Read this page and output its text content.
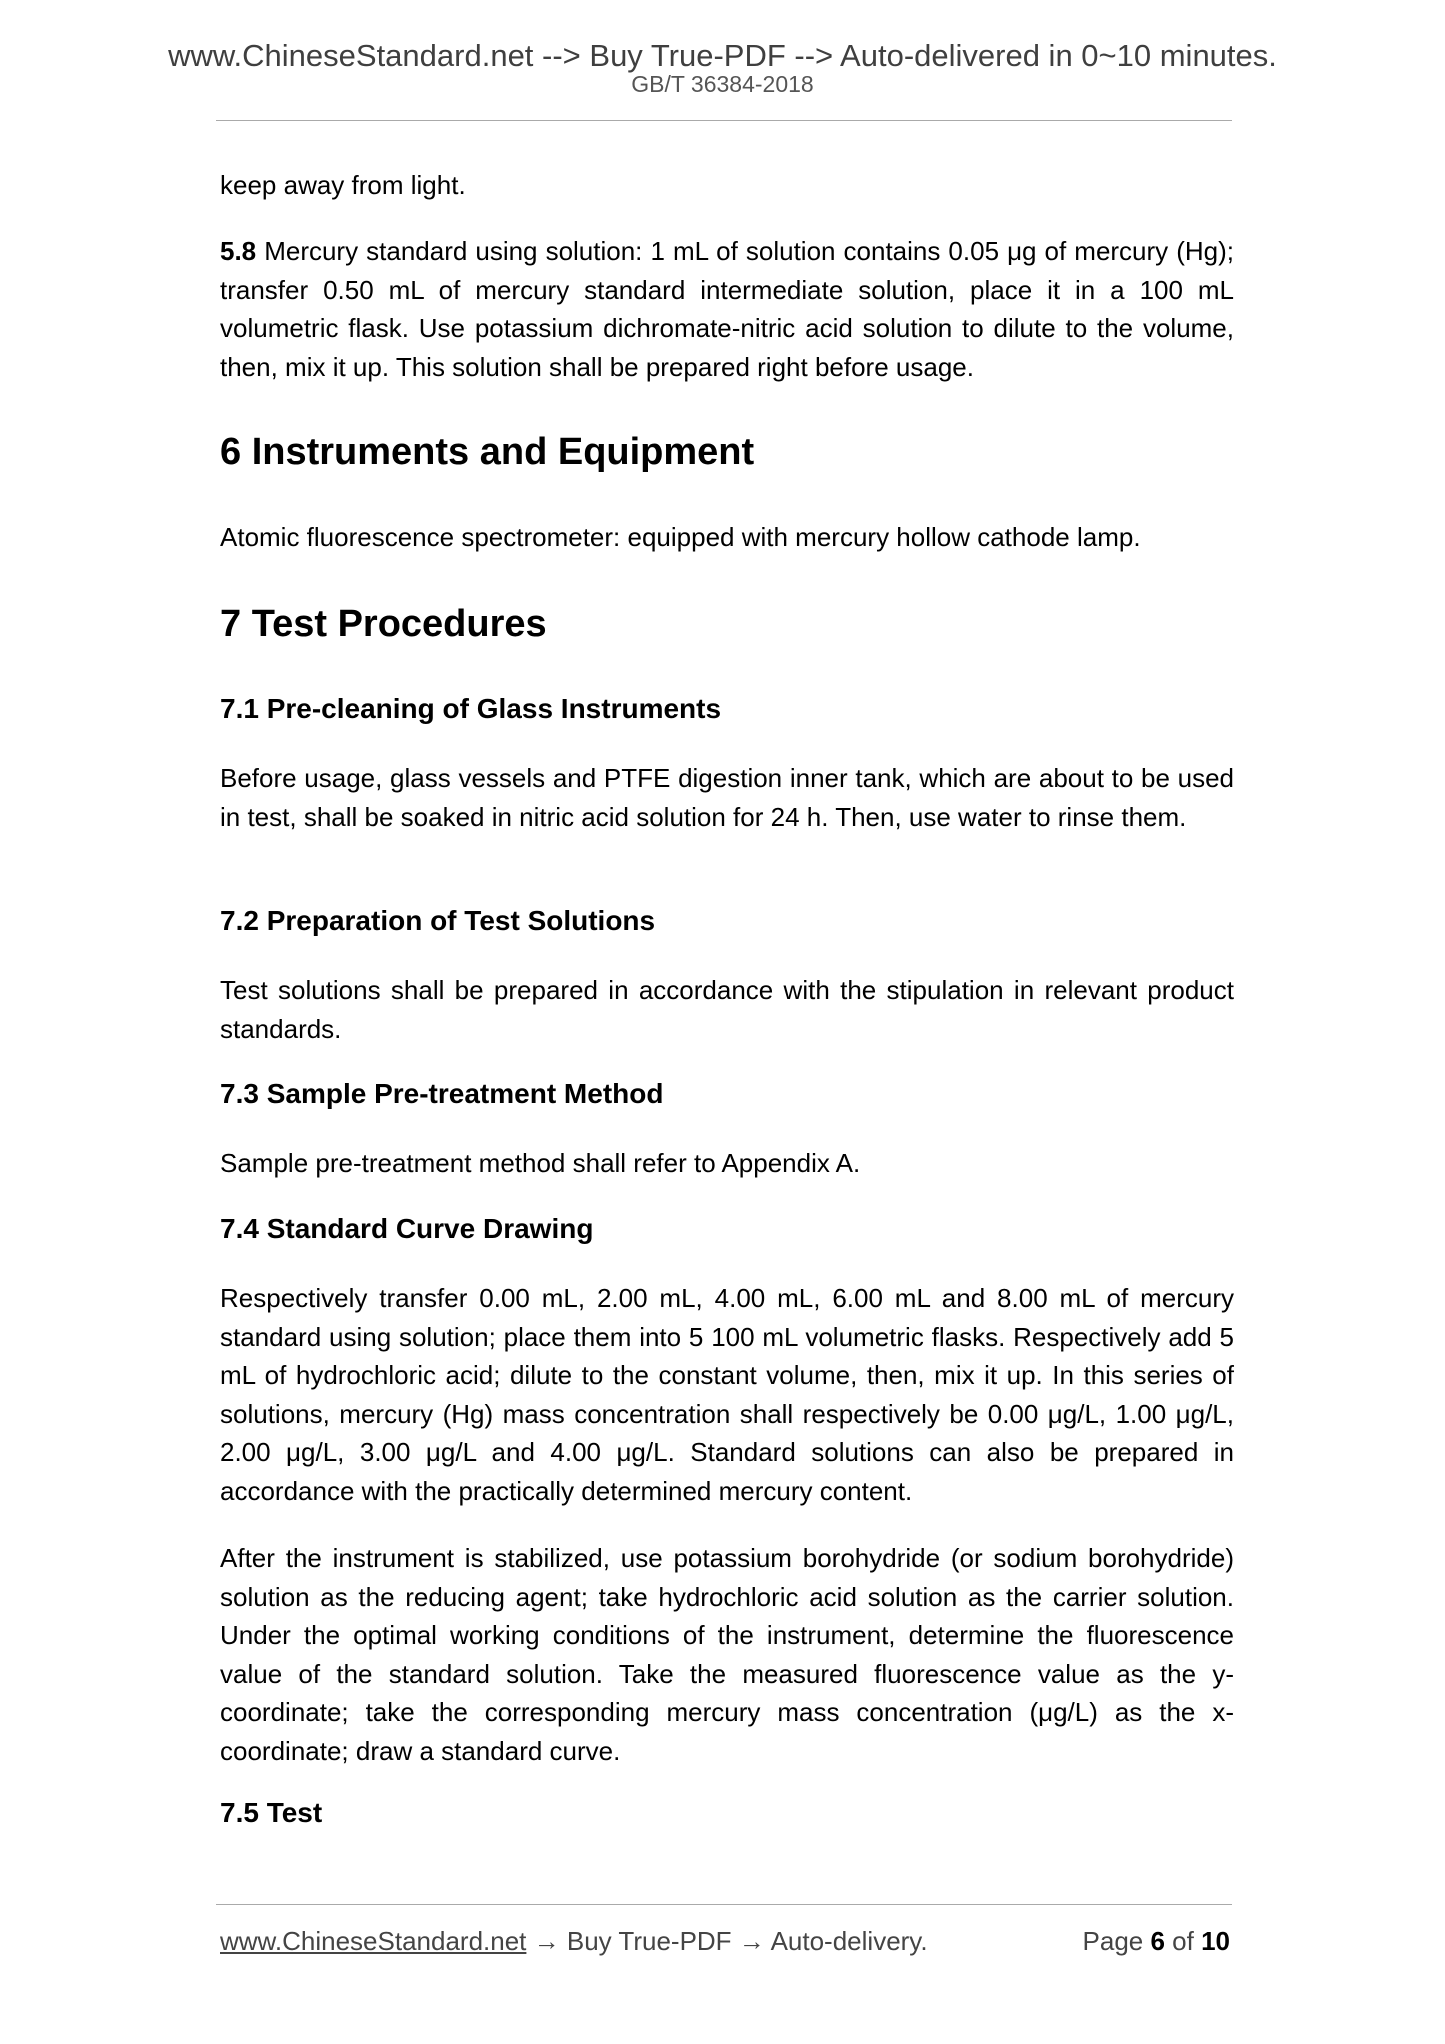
www.ChineseStandard.net --> Buy True-PDF --> Auto-delivered in 0~10 minutes.
GB/T 36384-2018

keep away from light.

5.8 Mercury standard using solution: 1 mL of solution contains 0.05 μg of mercury (Hg); transfer 0.50 mL of mercury standard intermediate solution, place it in a 100 mL volumetric flask. Use potassium dichromate-nitric acid solution to dilute to the volume, then, mix it up. This solution shall be prepared right before usage.

6 Instruments and Equipment

Atomic fluorescence spectrometer: equipped with mercury hollow cathode lamp.

7 Test Procedures
7.1 Pre-cleaning of Glass Instruments

Before usage, glass vessels and PTFE digestion inner tank, which are about to be used in test, shall be soaked in nitric acid solution for 24 h. Then, use water to rinse them.

7.2 Preparation of Test Solutions

Test solutions shall be prepared in accordance with the stipulation in relevant product standards.

7.3 Sample Pre-treatment Method

Sample pre-treatment method shall refer to Appendix A.

7.4 Standard Curve Drawing

Respectively transfer 0.00 mL, 2.00 mL, 4.00 mL, 6.00 mL and 8.00 mL of mercury standard using solution; place them into 5 100 mL volumetric flasks. Respectively add 5 mL of hydrochloric acid; dilute to the constant volume, then, mix it up. In this series of solutions, mercury (Hg) mass concentration shall respectively be 0.00 μg/L, 1.00 μg/L, 2.00 μg/L, 3.00 μg/L and 4.00 μg/L. Standard solutions can also be prepared in accordance with the practically determined mercury content.

After the instrument is stabilized, use potassium borohydride (or sodium borohydride) solution as the reducing agent; take hydrochloric acid solution as the carrier solution. Under the optimal working conditions of the instrument, determine the fluorescence value of the standard solution. Take the measured fluorescence value as the y-coordinate; take the corresponding mercury mass concentration (μg/L) as the x-coordinate; draw a standard curve.

7.5 Test
www.ChineseStandard.net → Buy True-PDF → Auto-delivery.	Page 6 of 10
